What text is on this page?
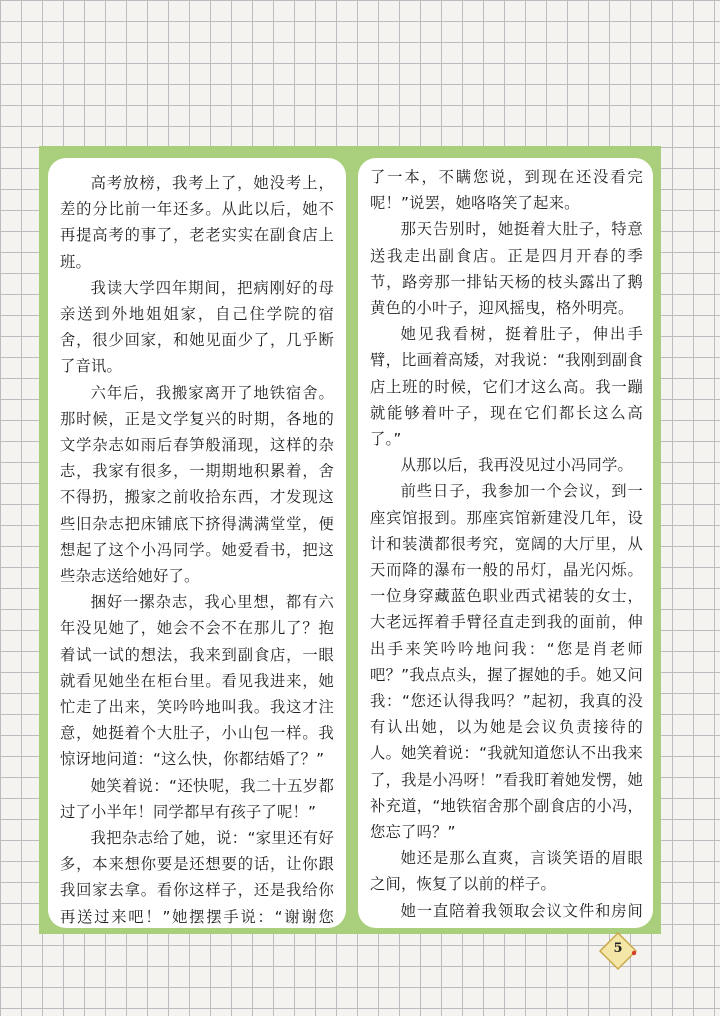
高考放榜，我考上了，她没考上，差的分比前一年还多。从此以后，她不再提高考的事了，老老实实在副食店上班。

我读大学四年期间，把病刚好的母亲送到外地姐姐家，自己住学院的宿舍，很少回家，和她见面少了，几乎断了音讯。

六年后，我搬家离开了地铁宿舍。那时候，正是文学复兴的时期，各地的文学杂志如雨后春笋般涌现，这样的杂志，我家有很多，一期期地积累着，舍不得扔，搬家之前收拾东西，才发现这些旧杂志把床铺底下挤得满满堂堂，便想起了这个小冯同学。她爱看书，把这些杂志送给她好了。

捆好一摞杂志，我心里想，都有六年没见她了，她会不会不在那儿了？抱着试一试的想法，我来到副食店，一眼就看见她坐在柜台里。看见我进来，她忙走了出来，笑吟吟地叫我。我这才注意，她挺着个大肚子，小山包一样。我惊讶地问道：“这么快，你都结婚了？”

她笑着说：“还快呢，我二十五岁都过了小半年！同学都早有孩子了呢！”

我把杂志给了她，说：“家里还有好多，本来想你要是还想要的话，让你跟我回家去拿。看你这样子，还是我给你再送过来吧！”她摆摆手说：“谢谢您

了一本，不瞒您说，到现在还没看完呢！”说罢，她咯咯笑了起来。

那天告别时，她挺着大肚子，特意送我走出副食店。正是四月开春的季节，路旁那一排钻天杨的枝头露出了鹅黄色的小叶子，迎风摇曳，格外明亮。

她见我看树，挺着肚子，伸出手臂，比画着高矮，对我说：“我刚到副食店上班的时候，它们才这么高。我一蹦就能够着叶子，现在它们都长这么高了。”

从那以后，我再没见过小冯同学。

前些日子，我参加一个会议，到一座宾馆报到。那座宾馆新建没几年，设计和装潢都很考究，宽阔的大厅里，从天而降的瀑布一般的吊灯，晶光闪烁。一位身穿藏蓝色职业西式裙装的女士，大老远挥着手臂径直走到我的面前，伸出手来笑吟吟地问我：“您是肖老师吧？”我点点头，握了握她的手。她又问我：“您还认得我吗？”起初，我真的没有认出她，以为她是会议负责接待的人。她笑着说：“我就知道您认不出我来了，我是小冯呀！”看我盯着她发愣，她补充道，“地铁宿舍那个副食店的小冯，您忘了吗？”

她还是那么直爽，言谈笑语的眉眼之间，恢复了以前的样子。

她一直陪着我领取会议文件和房间

5
